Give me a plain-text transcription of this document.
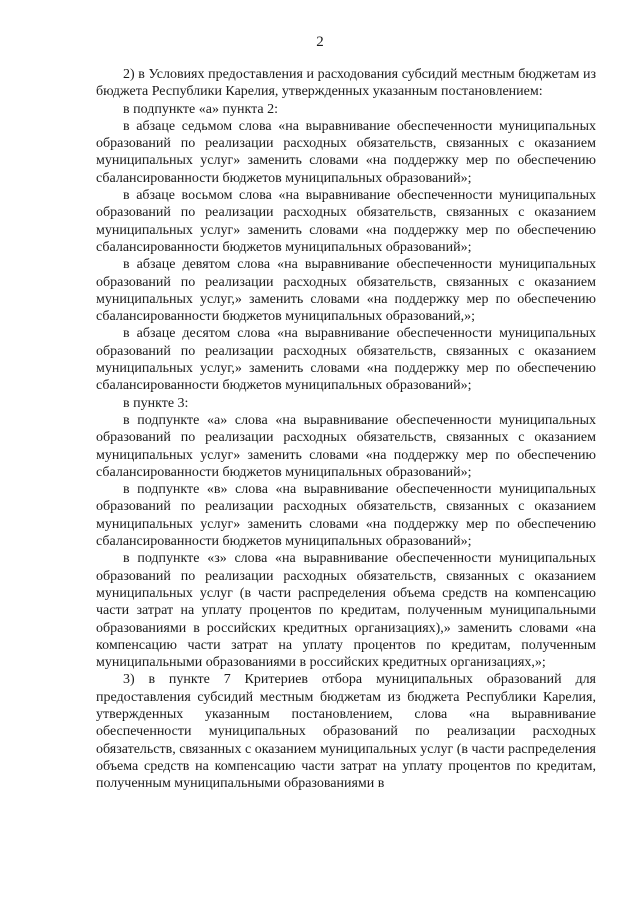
2

2) в Условиях предоставления и расходования субсидий местным бюджетам из бюджета Республики Карелия, утвержденных указанным постановлением:

в подпункте «а» пункта 2:

в абзаце седьмом слова «на выравнивание обеспеченности муниципальных образований по реализации расходных обязательств, связанных с оказанием муниципальных услуг» заменить словами «на поддержку мер по обеспечению сбалансированности бюджетов муниципальных образований»;

в абзаце восьмом слова «на выравнивание обеспеченности муниципальных образований по реализации расходных обязательств, связанных с оказанием муниципальных услуг» заменить словами «на поддержку мер по обеспечению сбалансированности бюджетов муниципальных образований»;

в абзаце девятом слова «на выравнивание обеспеченности муниципальных образований по реализации расходных обязательств, связанных с оказанием муниципальных услуг,» заменить словами «на поддержку мер по обеспечению сбалансированности бюджетов муниципальных образований,»;

в абзаце десятом слова «на выравнивание обеспеченности муниципальных образований по реализации расходных обязательств, связанных с оказанием муниципальных услуг,» заменить словами «на поддержку мер по обеспечению сбалансированности бюджетов муниципальных образований»;

в пункте 3:

в подпункте «а» слова «на выравнивание обеспеченности муниципальных образований по реализации расходных обязательств, связанных с оказанием муниципальных услуг» заменить словами «на поддержку мер по обеспечению сбалансированности бюджетов муниципальных образований»;

в подпункте «в» слова «на выравнивание обеспеченности муниципальных образований по реализации расходных обязательств, связанных с оказанием муниципальных услуг» заменить словами «на поддержку мер по обеспечению сбалансированности бюджетов муниципальных образований»;

в подпункте «з» слова «на выравнивание обеспеченности муниципальных образований по реализации расходных обязательств, связанных с оказанием муниципальных услуг (в части распределения объема средств на компенсацию части затрат на уплату процентов по кредитам, полученным муниципальными образованиями в российских кредитных организациях),» заменить словами «на компенсацию части затрат на уплату процентов по кредитам, полученным муниципальными образованиями в российских кредитных организациях,»;

3) в пункте 7 Критериев отбора муниципальных образований для предоставления субсидий местным бюджетам из бюджета Республики Карелия, утвержденных указанным постановлением, слова «на выравнивание обеспеченности муниципальных образований по реализации расходных обязательств, связанных с оказанием муниципальных услуг (в части распределения объема средств на компенсацию части затрат на уплату процентов по кредитам, полученным муниципальными образованиями в
